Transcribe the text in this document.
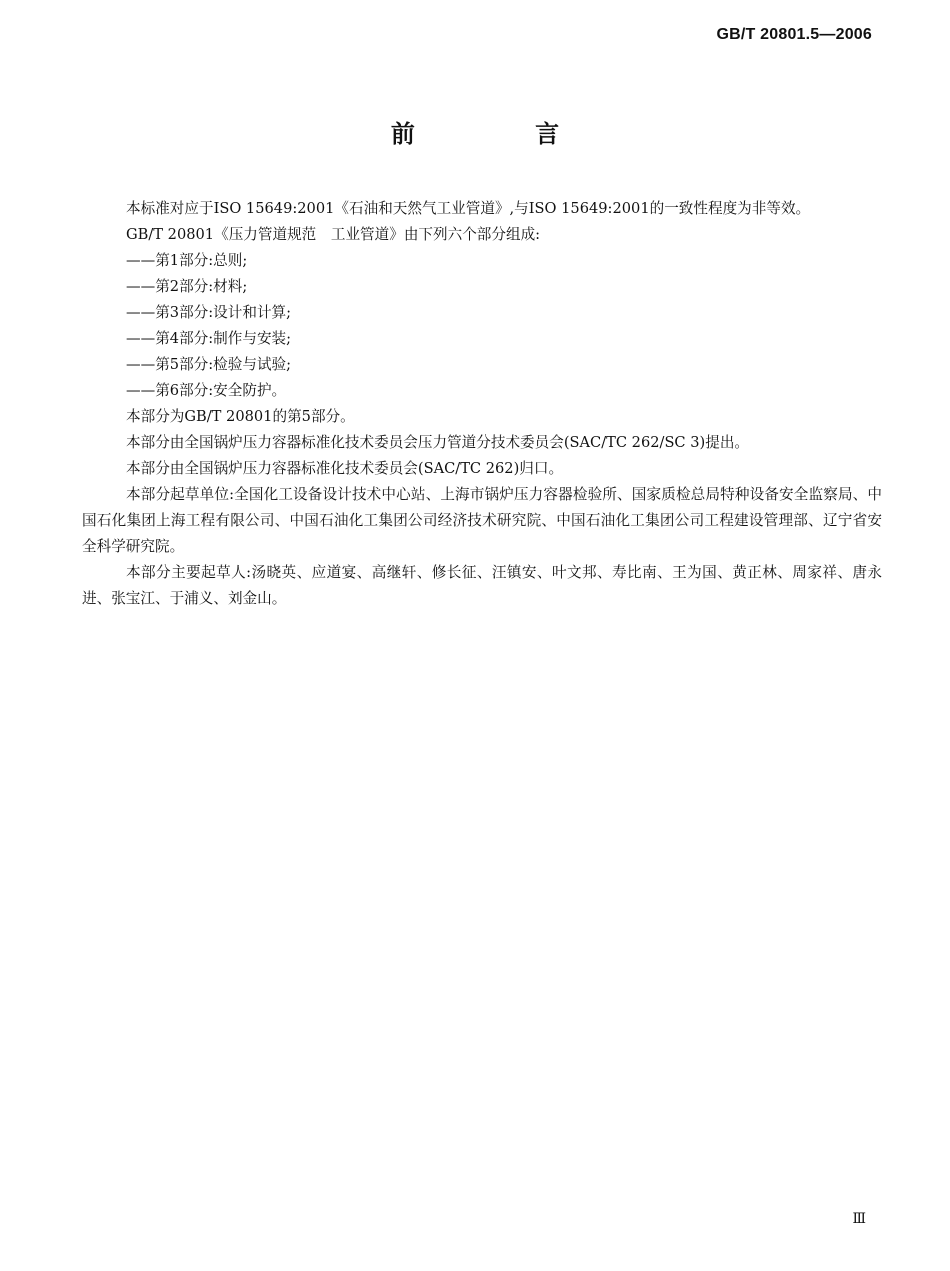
GB/T 20801.5—2006
前 言

本标准对应于ISO 15649:2001《石油和天然气工业管道》,与ISO 15649:2001的一致性程度为非等效。

GB/T 20801《压力管道规范　工业管道》由下列六个部分组成:

——第1部分:总则;

——第2部分:材料;

——第3部分:设计和计算;

——第4部分:制作与安装;

——第5部分:检验与试验;

——第6部分:安全防护。

本部分为GB/T 20801的第5部分。

本部分由全国锅炉压力容器标准化技术委员会压力管道分技术委员会(SAC/TC 262/SC 3)提出。

本部分由全国锅炉压力容器标准化技术委员会(SAC/TC 262)归口。

本部分起草单位:全国化工设备设计技术中心站、上海市锅炉压力容器检验所、国家质检总局特种设备安全监察局、中国石化集团上海工程有限公司、中国石油化工集团公司经济技术研究院、中国石油化工集团公司工程建设管理部、辽宁省安全科学研究院。

本部分主要起草人:汤晓英、应道宴、高继轩、修长征、汪镇安、叶文邦、寿比南、王为国、黄正林、周家祥、唐永进、张宝江、于浦义、刘金山。

Ⅲ
